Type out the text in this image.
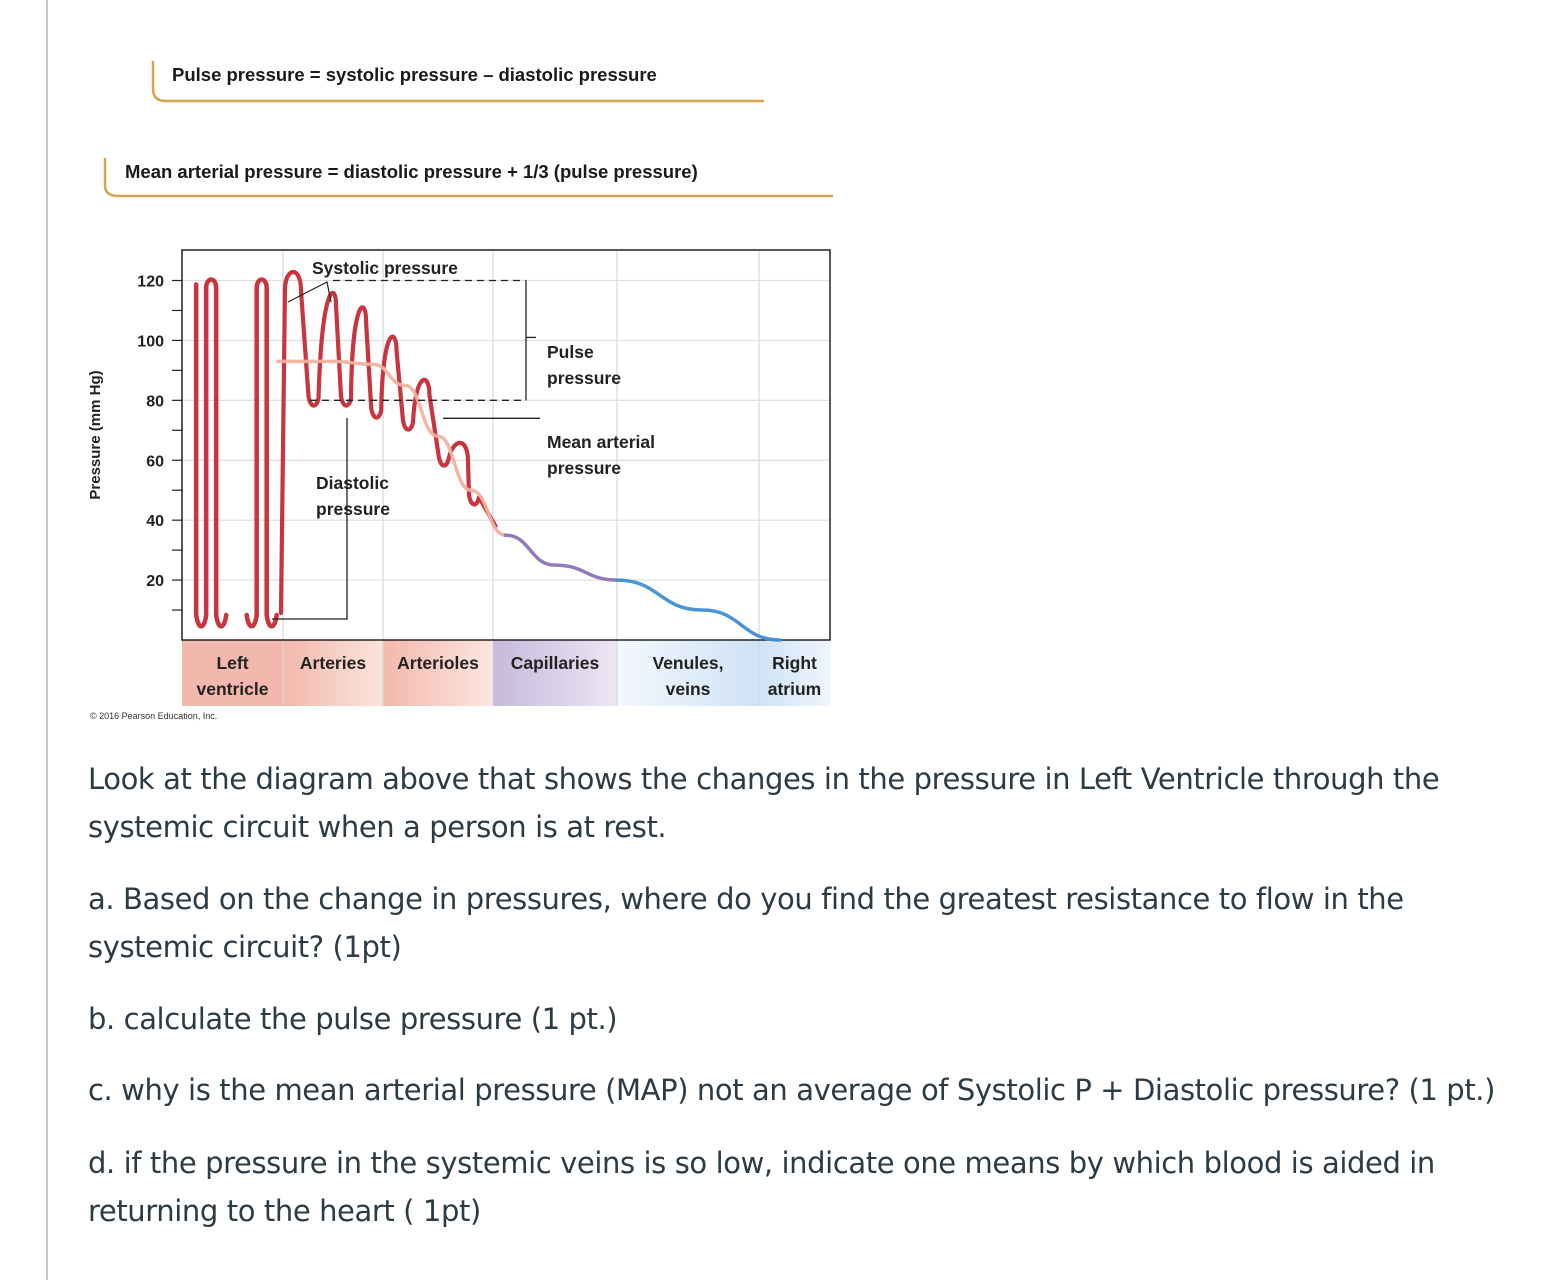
Pulse pressure = systolic pressure – diastolic pressure
Mean arterial pressure = diastolic pressure + 1/3 (pulse pressure)
20
40
60
80
100
120
Pressure (mm Hg)
Systolic pressure
Pulse
pressure
Mean arterial
pressure
Diastolic
pressure
Left
ventricle
Arteries Arterioles Capillaries	Venules,
veins
Right
atrium
© 2016 Pearson Education, Inc.
Look at the diagram above that shows the changes in the pressure in Left Ventricle through the systemic circuit when a person is at rest.
a. Based on the change in pressures, where do you find the greatest resistance to flow in the systemic circuit? (1pt)
b. calculate the pulse pressure (1 pt.)
c. why is the mean arterial pressure (MAP) not an average of Systolic P + Diastolic pressure? (1 pt.)
d. if the pressure in the systemic veins is so low, indicate one means by which blood is aided in returning to the heart ( 1pt)
